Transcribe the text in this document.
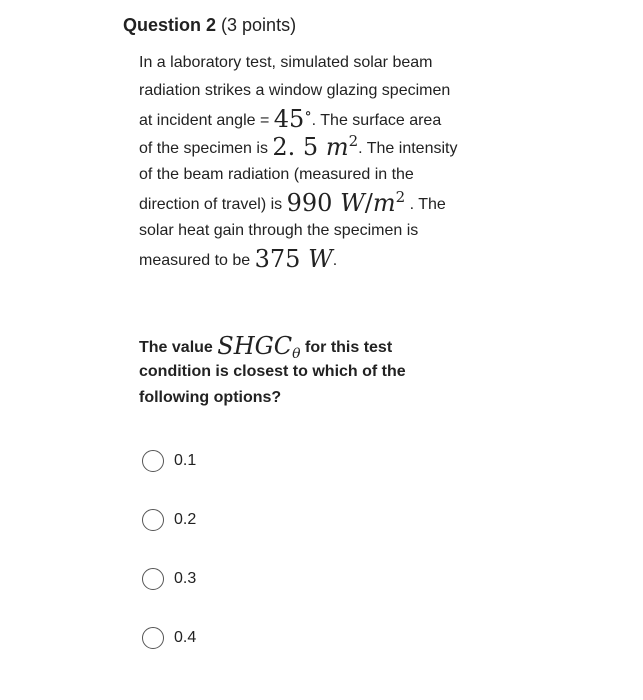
Question 2 (3 points)
In a laboratory test, simulated solar beam
radiation strikes a window glazing specimen
at incident angle = 45∘. The surface area
of the specimen is 2. 5 $m^2$. The intensity
of the beam radiation (measured in the
direction of travel) is 990 $W/m^2$ . The
solar heat gain through the specimen is
measured to be 375 W.
The value $SHGC_\theta$ for this test
condition is closest to which of the
following options?
0.1
0.2
0.3
0.4
